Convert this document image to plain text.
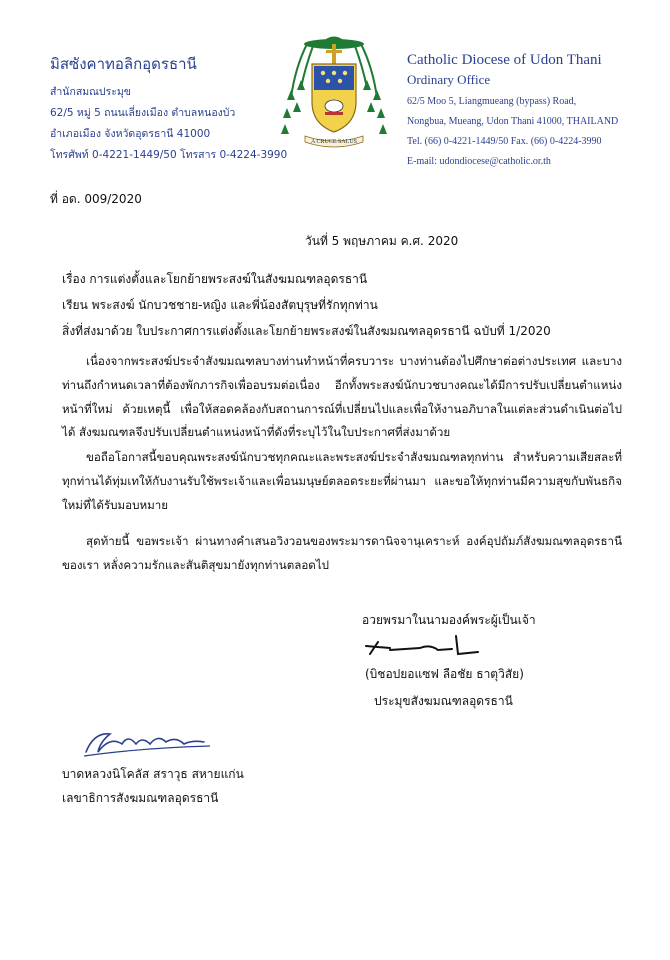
มิสซังคาทอลิกอุดรธานี
สำนักสมณประมุข
62/5 หมู่ 5 ถนนเลี่ยงเมือง ตำบลหนองบัว
อำเภอเมือง จังหวัดอุดรธานี 41000
โทรศัพท์ 0-4221-1449/50 โทรสาร 0-4224-3990
A CRUCE SALUS
Catholic Diocese of Udon Thani
Ordinary Office
62/5 Moo 5, Liangmueang (bypass) Road,
Nongbua, Mueang, Udon Thani 41000, THAILAND
Tel. (66) 0-4221-1449/50 Fax. (66) 0-4224-3990
E-mail: udondiocese@catholic.or.th
ที่ อด. 009/2020
วันที่ 5 พฤษภาคม ค.ศ. 2020
เรื่อง การแต่งตั้งและโยกย้ายพระสงฆ์ในสังฆมณฑลอุดรธานี
เรียน พระสงฆ์ นักบวชชาย-หญิง และพี่น้องสัตบุรุษที่รักทุกท่าน
สิ่งที่ส่งมาด้วย ใบประกาศการแต่งตั้งและโยกย้ายพระสงฆ์ในสังฆมณฑลอุดรธานี ฉบับที่ 1/2020
เนื่องจากพระสงฆ์ประจำสังฆมณฑลบางท่านทำหน้าที่ครบวาระ บางท่านต้องไปศึกษาต่อต่างประเทศ และบางท่านถึงกำหนดเวลาที่ต้องพักภารกิจเพื่ออบรมต่อเนื่อง อีกทั้งพระสงฆ์นักบวชบางคณะได้มีการปรับเปลี่ยนตำแหน่งหน้าที่ใหม่ ด้วยเหตุนี้ เพื่อให้สอดคล้องกับสถานการณ์ที่เปลี่ยนไปและเพื่อให้งานอภิบาลในแต่ละส่วนดำเนินต่อไปได้ สังฆมณฑลจึงปรับเปลี่ยนตำแหน่งหน้าที่ดังที่ระบุไว้ในใบประกาศที่ส่งมาด้วย
ขอถือโอกาสนี้ขอบคุณพระสงฆ์นักบวชทุกคณะและพระสงฆ์ประจำสังฆมณฑลทุกท่าน สำหรับความเสียสละที่ทุกท่านได้ทุ่มเทให้กับงานรับใช้พระเจ้าและเพื่อนมนุษย์ตลอดระยะที่ผ่านมา และขอให้ทุกท่านมีความสุขกับพันธกิจใหม่ที่ได้รับมอบหมาย
สุดท้ายนี้ ขอพระเจ้า ผ่านทางคำเสนอวิงวอนของพระมารดานิจจานุเคราะห์ องค์อุปถัมภ์สังฆมณฑลอุดรธานีของเรา หลั่งความรักและสันติสุขมายังทุกท่านตลอดไป
อวยพรมาในนามองค์พระผู้เป็นเจ้า
(บิชอปยอแซฟ ลือชัย ธาตุวิสัย)
ประมุขสังฆมณฑลอุดรธานี
บาดหลวงนิโคลัส สราวุธ สหายแก่น
เลขาธิการสังฆมณฑลอุดรธานี
